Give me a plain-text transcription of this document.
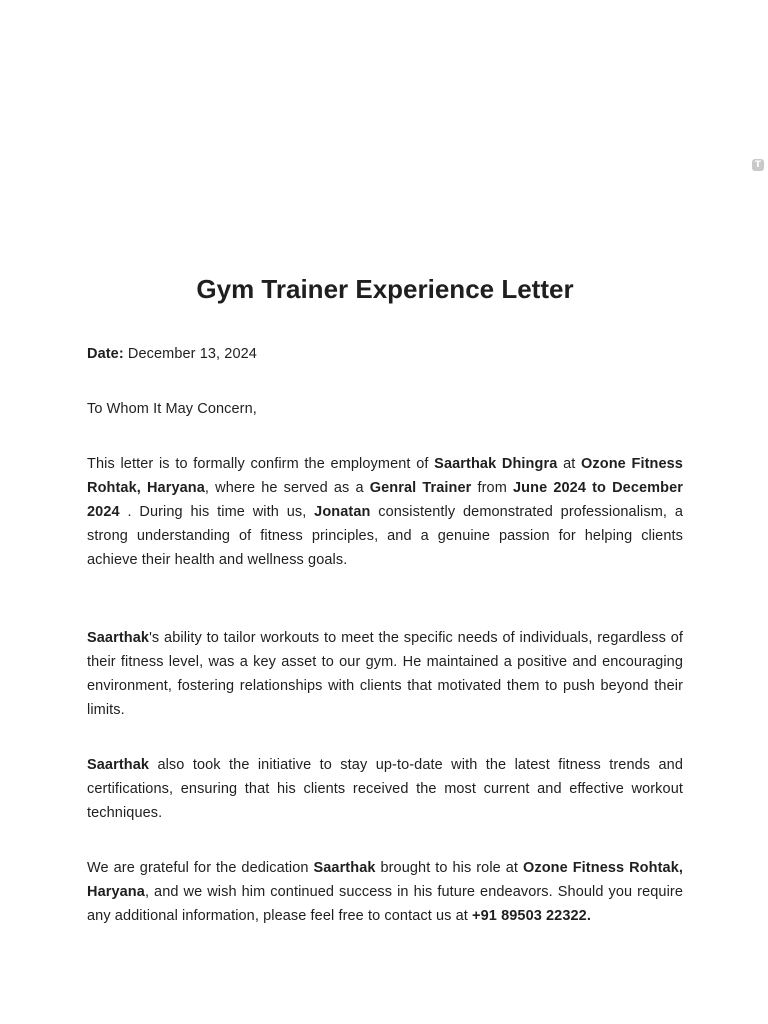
T
Gym Trainer Experience Letter

Date: December 13, 2024

To Whom It May Concern,

This letter is to formally confirm the employment of Saarthak Dhingra at Ozone Fitness Rohtak, Haryana, where he served as a Genral Trainer from June 2024 to December 2024 . During his time with us, Jonatan consistently demonstrated professionalism, a strong understanding of fitness principles, and a genuine passion for helping clients achieve their health and wellness goals.

Saarthak's ability to tailor workouts to meet the specific needs of individuals, regardless of their fitness level, was a key asset to our gym. He maintained a positive and encouraging environment, fostering relationships with clients that motivated them to push beyond their limits.

Saarthak also took the initiative to stay up-to-date with the latest fitness trends and certifications, ensuring that his clients received the most current and effective workout techniques.

We are grateful for the dedication Saarthak brought to his role at Ozone Fitness Rohtak, Haryana, and we wish him continued success in his future endeavors. Should you require any additional information, please feel free to contact us at +91 89503 22322.
